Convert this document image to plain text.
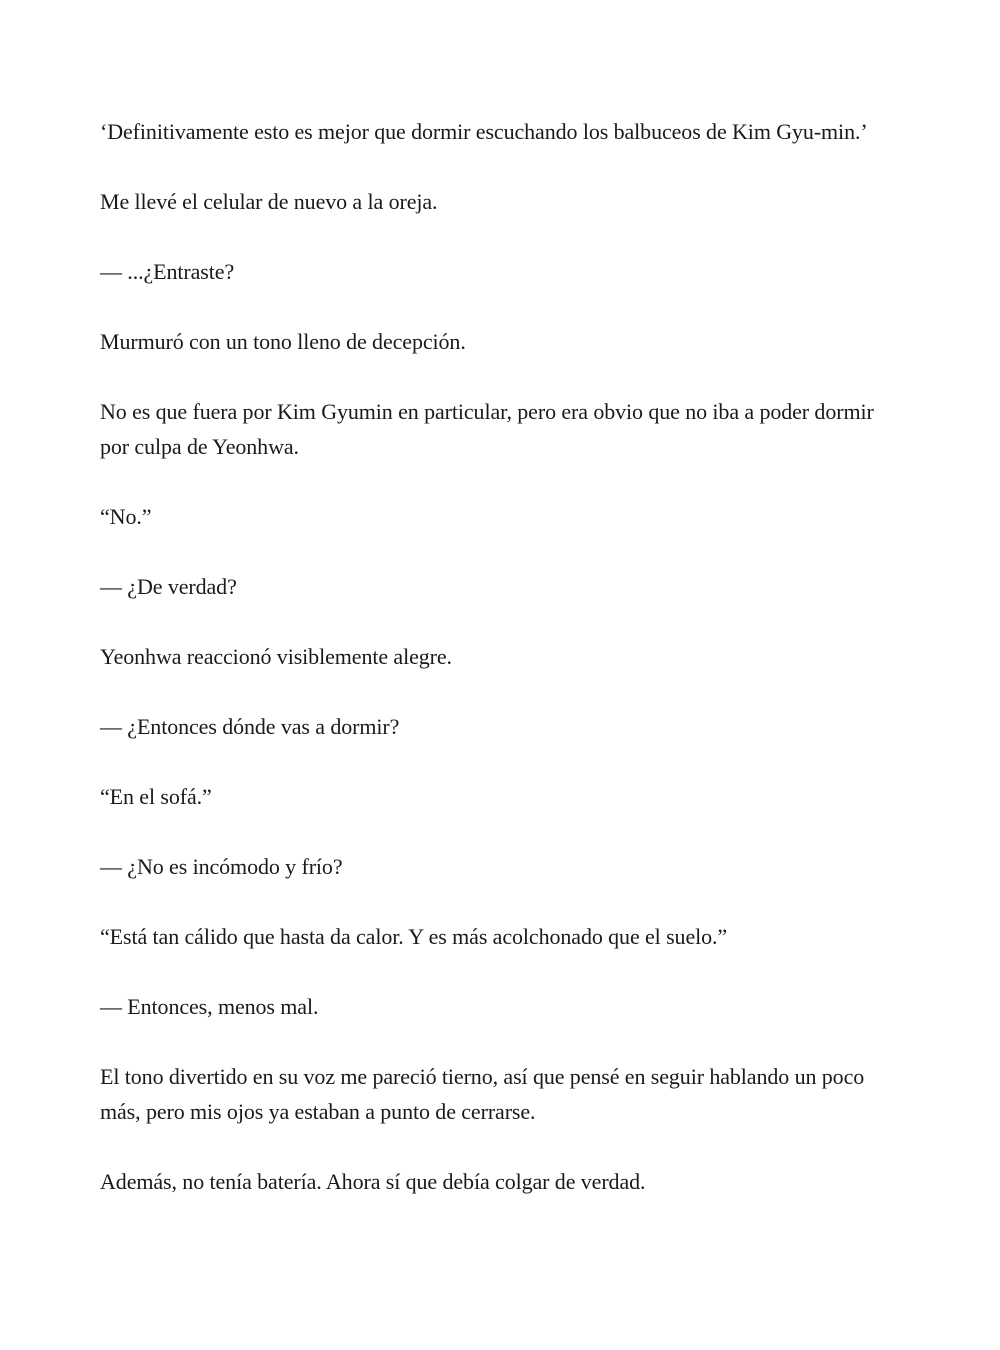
‘Definitivamente esto es mejor que dormir escuchando los balbuceos de Kim Gyu-min.’

Me llevé el celular de nuevo a la oreja.

— ...¿Entraste?

Murmuró con un tono lleno de decepción.

No es que fuera por Kim Gyumin en particular, pero era obvio que no iba a poder dormir por culpa de Yeonhwa.

“No.”

— ¿De verdad?

Yeonhwa reaccionó visiblemente alegre.

— ¿Entonces dónde vas a dormir?

“En el sofá.”

— ¿No es incómodo y frío?

“Está tan cálido que hasta da calor. Y es más acolchonado que el suelo.”

— Entonces, menos mal.

El tono divertido en su voz me pareció tierno, así que pensé en seguir hablando un poco más, pero mis ojos ya estaban a punto de cerrarse.

Además, no tenía batería. Ahora sí que debía colgar de verdad.
